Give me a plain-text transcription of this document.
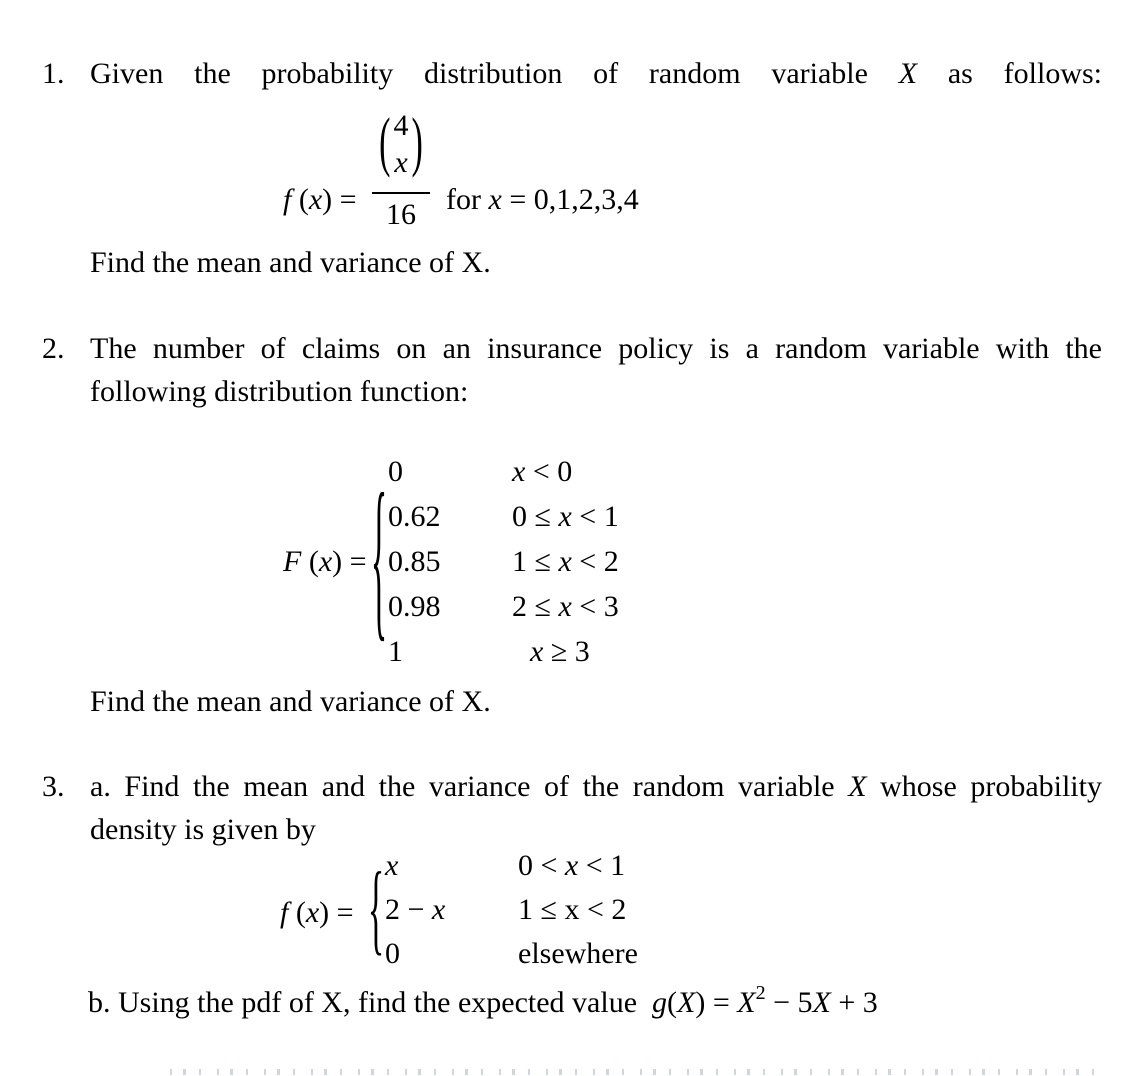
1. Given the probability distribution of random variable X as follows:
f (x) =
( 4
x )
16	for x = 0,1,2,3,4
Find the mean and variance of X.
2. The number of claims on an insurance policy is a random variable with the
following distribution function:
F (x) = { 0	x < 0
0.62	0 ≤ x < 1
0.85	1 ≤ x < 2
0.98	2 ≤ x < 3
1	x ≥ 3
Find the mean and variance of X.
3. a. Find the mean and the variance of the random variable X whose probability
density is given by
f (x) = { x	0 < x < 1
2 − x	1 ≤ x < 2
0	elsewhere
b. Using the pdf of X, find the expected value  $g(X) = X^2 - 5X + 3$
